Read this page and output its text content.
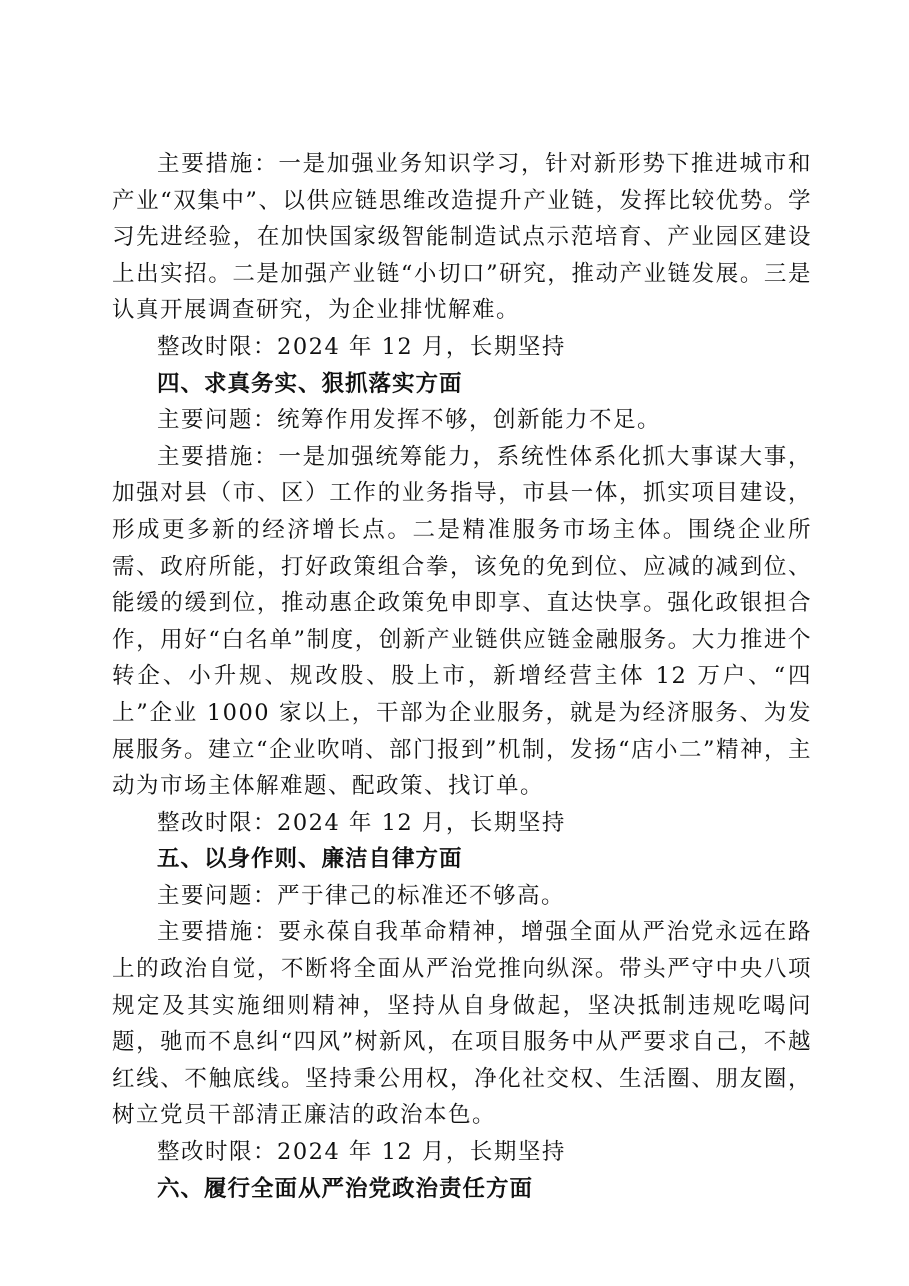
主要措施：一是加强业务知识学习，针对新形势下推进城市和产业“双集中”、以供应链思维改造提升产业链，发挥比较优势。学习先进经验，在加快国家级智能制造试点示范培育、产业园区建设上出实招。二是加强产业链“小切口”研究，推动产业链发展。三是认真开展调查研究，为企业排忧解难。

整改时限：2024 年 12 月，长期坚持

四、求真务实、狠抓落实方面

主要问题：统筹作用发挥不够，创新能力不足。

主要措施：一是加强统筹能力，系统性体系化抓大事谋大事，加强对县（市、区）工作的业务指导，市县一体，抓实项目建设，形成更多新的经济增长点。二是精准服务市场主体。围绕企业所需、政府所能，打好政策组合拳，该免的免到位、应减的减到位、能缓的缓到位，推动惠企政策免申即享、直达快享。强化政银担合作，用好“白名单”制度，创新产业链供应链金融服务。大力推进个转企、小升规、规改股、股上市，新增经营主体 12 万户、“四上”企业 1000 家以上，干部为企业服务，就是为经济服务、为发展服务。建立“企业吹哨、部门报到”机制，发扬“店小二”精神，主动为市场主体解难题、配政策、找订单。

整改时限：2024 年 12 月，长期坚持

五、以身作则、廉洁自律方面

主要问题：严于律己的标准还不够高。

主要措施：要永葆自我革命精神，增强全面从严治党永远在路上的政治自觉，不断将全面从严治党推向纵深。带头严守中央八项规定及其实施细则精神，坚持从自身做起，坚决抵制违规吃喝问题，驰而不息纠“四风”树新风，在项目服务中从严要求自己，不越红线、不触底线。坚持秉公用权，净化社交权、生活圈、朋友圈，树立党员干部清正廉洁的政治本色。

整改时限：2024 年 12 月，长期坚持

六、履行全面从严治党政治责任方面
